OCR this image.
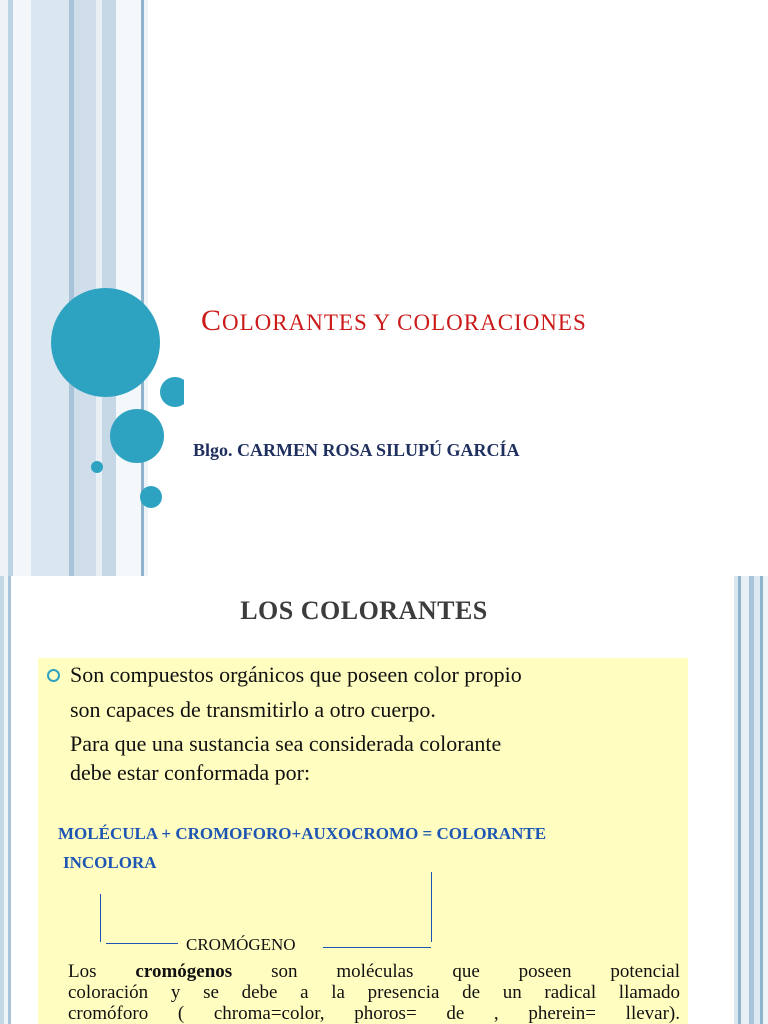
COLORANTES Y COLORACIONES
Blgo. CARMEN ROSA SILUPÚ GARCÍA
LOS COLORANTES
Son compuestos orgánicos que poseen color propio
son capaces de transmitirlo a otro cuerpo.
Para que una sustancia sea considerada colorante
debe estar conformada por:
MOLÉCULA + CROMOFORO+AUXOCROMO = COLORANTE
INCOLORA
CROMÓGENO
Los cromógenos son moléculas que poseen potencial
coloración y se debe a la presencia de un radical llamado
cromóforo ( chroma=color, phoros= de , pherein= llevar).
